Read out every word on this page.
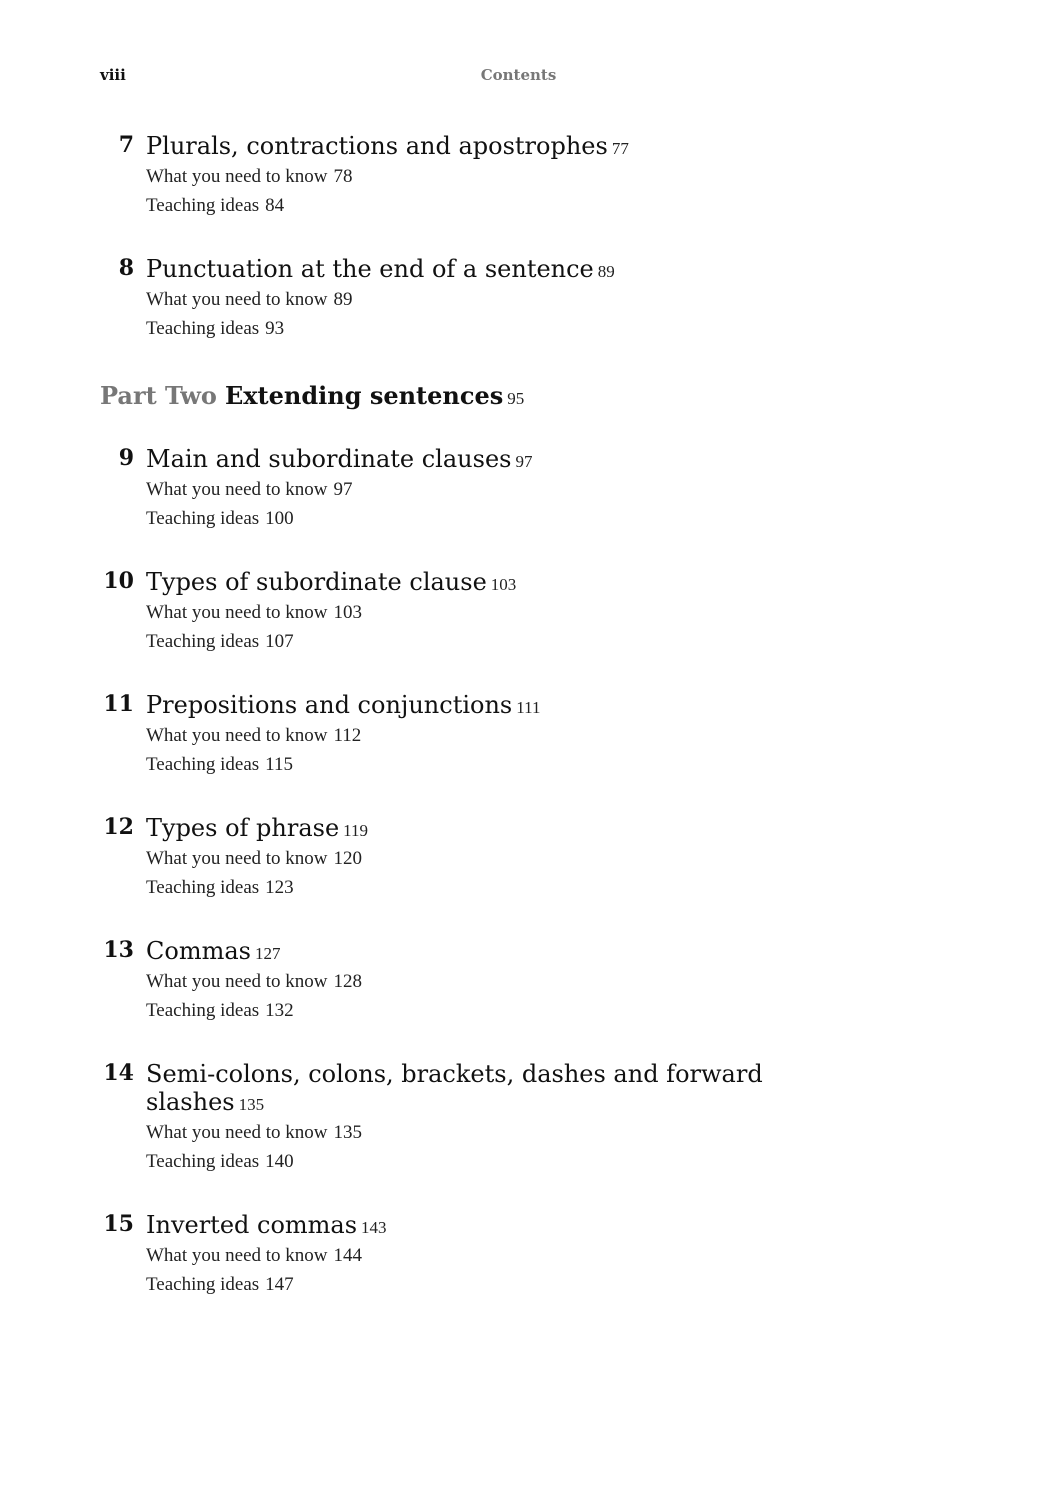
viii	Contents
7 Plurals, contractions and apostrophes 77
What you need to know 78
Teaching ideas 84
8 Punctuation at the end of a sentence 89
What you need to know 89
Teaching ideas 93
Part Two Extending sentences 95
9 Main and subordinate clauses 97
What you need to know 97
Teaching ideas 100
10 Types of subordinate clause 103
What you need to know 103
Teaching ideas 107
11 Prepositions and conjunctions 111
What you need to know 112
Teaching ideas 115
12 Types of phrase 119
What you need to know 120
Teaching ideas 123
13 Commas 127
What you need to know 128
Teaching ideas 132
14 Semi-colons, colons, brackets, dashes and forward slashes 135
What you need to know 135
Teaching ideas 140
15 Inverted commas 143
What you need to know 144
Teaching ideas 147
